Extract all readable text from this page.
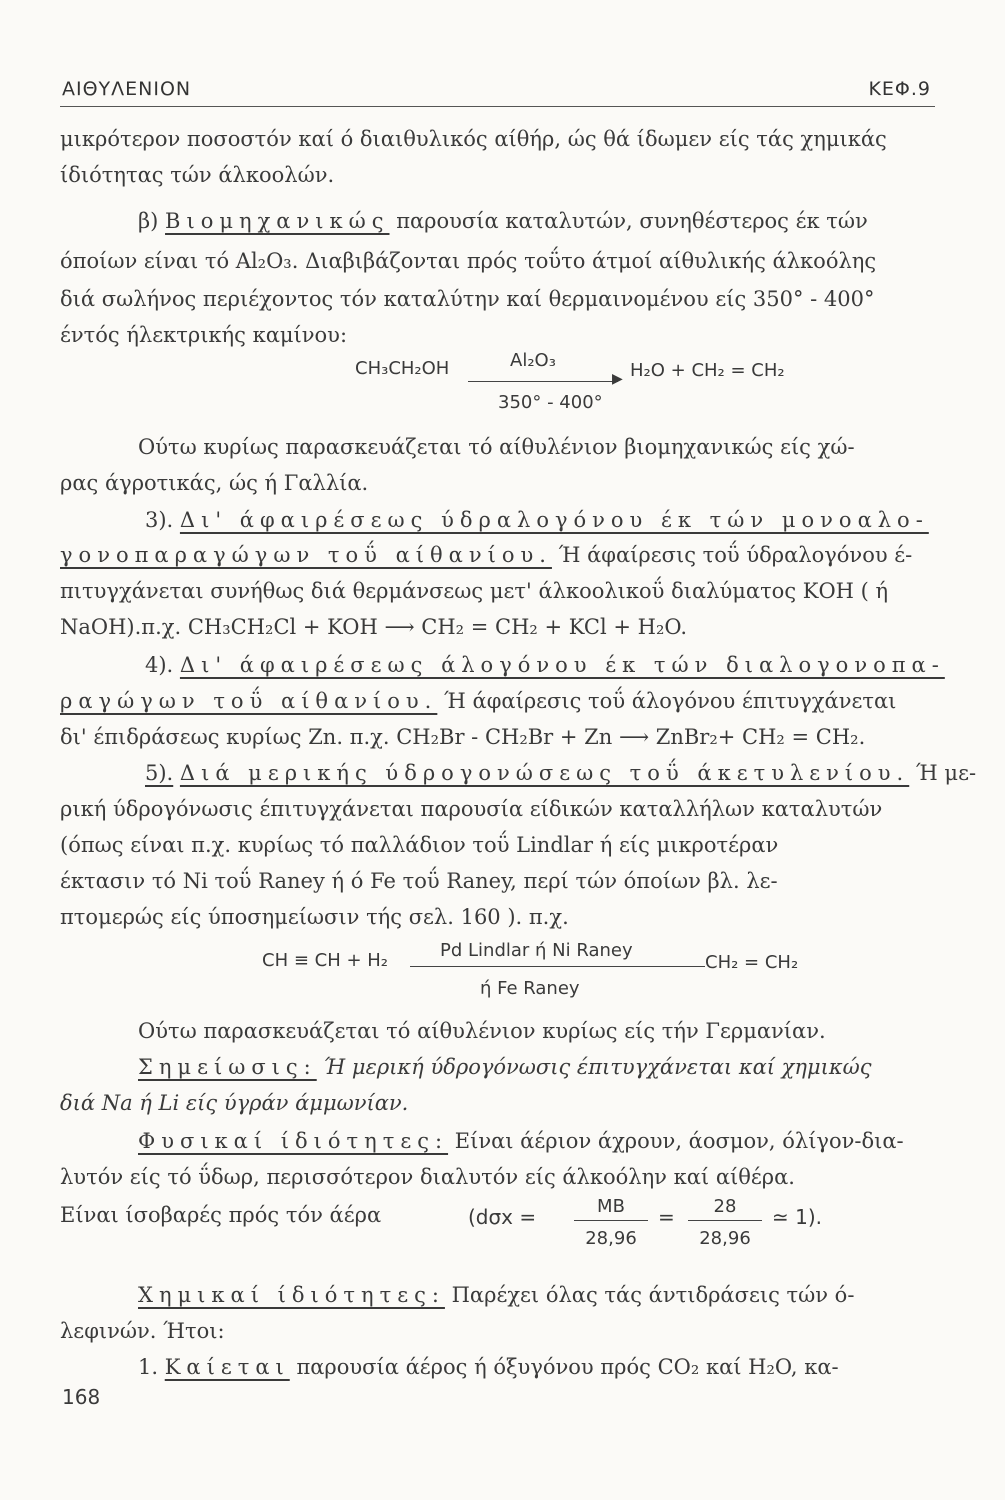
ΑΙΘΥΛΕΝΙΟΝ	ΚΕΦ.9
μικρότερον ποσοστόν καί ό διαιθυλικός αίθήρ, ώς θά ίδωμεν είς τάς χημικάς
ίδιότητας τών άλκοολών.
β) Βιομηχανικώς παρουσία καταλυτών, συνηθέστερος έκ τών
όποίων είναι τό Al₂O₃. Διαβιβάζονται πρός τοΰτο άτμοί αίθυλικής άλκοόλης
διά σωλήνος περιέχοντος τόν καταλύτην καί θερμαινομένου είς 350° - 400°
έντός ήλεκτρικής καμίνου:
CH₃CH₂OH	Al₂O₃
▶ H₂O + CH₂ = CH₂
350° - 400°
Ούτω κυρίως παρασκευάζεται τό αίθυλένιον βιομηχανικώς είς χώ-
ρας άγροτικάς, ώς ή Γαλλία.
3). Δι' άφαιρέσεως ύδραλογόνου έκ τών μονοαλο-
γονοπαραγώγων τοΰ αίθανίου. Ή άφαίρεσις τοΰ ύδραλογόνου έ-
πιτυγχάνεται συνήθως διά θερμάνσεως μετ' άλκοολικοΰ διαλύματος ΚΟΗ ( ή
NaOH).π.χ. CH₃CH₂Cl + KOH ⟶ CH₂ = CH₂ + KCl + H₂O.
4). Δι' άφαιρέσεως άλογόνου έκ τών διαλογονοπα-
ραγώγων τοΰ αίθανίου. Ή άφαίρεσις τοΰ άλογόνου έπιτυγχάνεται
δι' έπιδράσεως κυρίως Zn. π.χ. CH₂Br - CH₂Br + Zn ⟶ ZnBr₂+ CH₂ = CH₂.
5). Διά μερικής ύδρογονώσεως τοΰ άκετυλενίου. Ή με-
ρική ύδρογόνωσις έπιτυγχάνεται παρουσία είδικών καταλλήλων καταλυτών
(όπως είναι π.χ. κυρίως τό παλλάδιον τοΰ Lindlar ή είς μικροτέραν
έκτασιν τό Ni τοΰ Raney ή ό Fe τοΰ Raney, περί τών όποίων βλ. λε-
πτομερώς είς ύποσημείωσιν τής σελ. 160 ). π.χ.
CH ≡ CH + H₂	Pd Lindlar ή Ni Raney
CH₂ = CH₂
ή Fe Raney
Ούτω παρασκευάζεται τό αίθυλένιον κυρίως είς τήν Γερμανίαν.
Σημείωσις: Ή μερική ύδρογόνωσις έπιτυγχάνεται καί χημικώς
διά Na ή Li είς ύγράν άμμωνίαν.
Φυσικαί ίδιότητες: Είναι άέριον άχρουν, άοσμον, όλίγον-δια-
λυτόν είς τό ΰδωρ, περισσότερον διαλυτόν είς άλκοόλην καί αίθέρα.
Είναι ίσοβαρές πρός τόν άέρα	(dσx =	MB
28,96
=	28
28,96
≃ 1).
Χημικαί ίδιότητες: Παρέχει όλας τάς άντιδράσεις τών ό-
λεφινών. Ήτοι:
1. Καίεται παρουσία άέρος ή όξυγόνου πρός CO₂ καί H₂O, κα-
168
